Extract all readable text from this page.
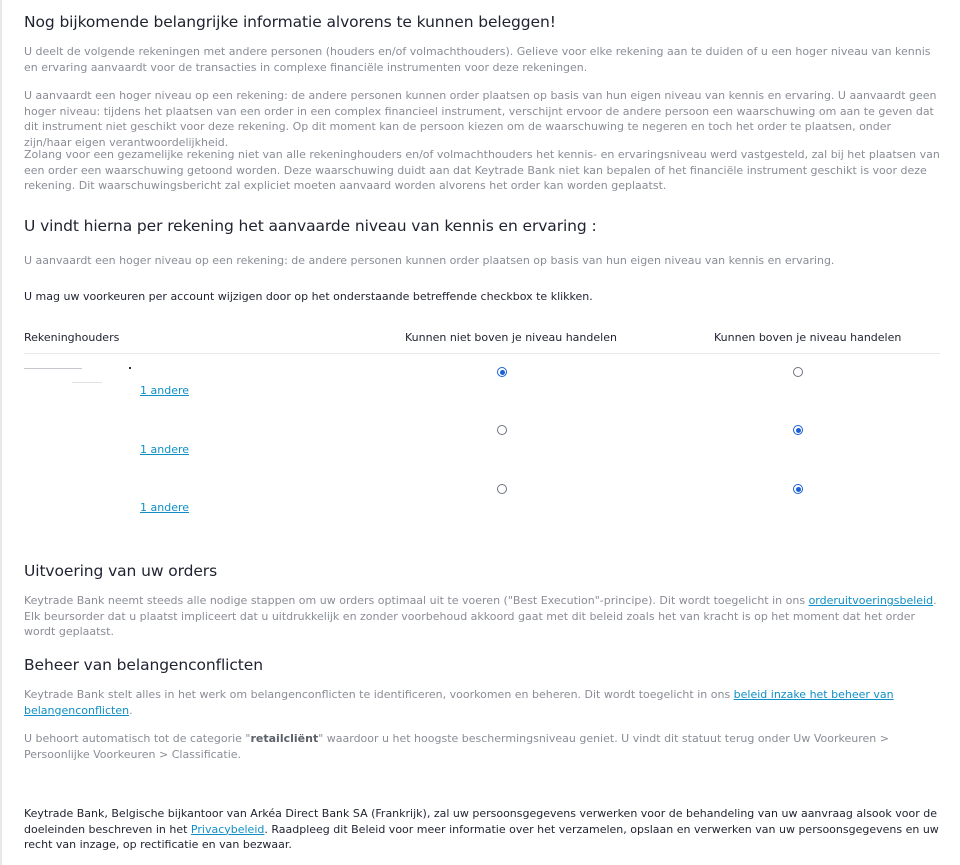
Nog bijkomende belangrijke informatie alvorens te kunnen beleggen!

U deelt de volgende rekeningen met andere personen (houders en/of volmachthouders). Gelieve voor elke rekening aan te duiden of u een hoger niveau van kennis en ervaring aanvaardt voor de transacties in complexe financiële instrumenten voor deze rekeningen.

U aanvaardt een hoger niveau op een rekening: de andere personen kunnen order plaatsen op basis van hun eigen niveau van kennis en ervaring. U aanvaardt geen hoger niveau: tijdens het plaatsen van een order in een complex financieel instrument, verschijnt ervoor de andere persoon een waarschuwing om aan te geven dat dit instrument niet geschikt voor deze rekening. Op dit moment kan de persoon kiezen om de waarschuwing te negeren en toch het order te plaatsen, onder zijn/haar eigen verantwoordelijkheid.

Zolang voor een gezamelijke rekening niet van alle rekeninghouders en/of volmachthouders het kennis- en ervaringsniveau werd vastgesteld, zal bij het plaatsen van een order een waarschuwing getoond worden. Deze waarschuwing duidt aan dat Keytrade Bank niet kan bepalen of het financiële instrument geschikt is voor deze rekening. Dit waarschuwingsbericht zal expliciet moeten aanvaard worden alvorens het order kan worden geplaatst.

U vindt hierna per rekening het aanvaarde niveau van kennis en ervaring :

U aanvaardt een hoger niveau op een rekening: de andere personen kunnen order plaatsen op basis van hun eigen niveau van kennis en ervaring.

U mag uw voorkeuren per account wijzigen door op het onderstaande betreffende checkbox te klikken.

Rekeninghouders	Kunnen niet boven je niveau handelen	Kunnen boven je niveau handelen
1 andere
1 andere
1 andere
Uitvoering van uw orders

Keytrade Bank neemt steeds alle nodige stappen om uw orders optimaal uit te voeren ("Best Execution"-principe). Dit wordt toegelicht in ons orderuitvoeringsbeleid. Elk beursorder dat u plaatst impliceert dat u uitdrukkelijk en zonder voorbehoud akkoord gaat met dit beleid zoals het van kracht is op het moment dat het order wordt geplaatst.

Beheer van belangenconflicten

Keytrade Bank stelt alles in het werk om belangenconflicten te identificeren, voorkomen en beheren. Dit wordt toegelicht in ons beleid inzake het beheer van belangenconflicten.

U behoort automatisch tot de categorie "retailcliënt" waardoor u het hoogste beschermingsniveau geniet. U vindt dit statuut terug onder Uw Voorkeuren > Persoonlijke Voorkeuren > Classificatie.

Keytrade Bank, Belgische bijkantoor van Arkéa Direct Bank SA (Frankrijk), zal uw persoonsgegevens verwerken voor de behandeling van uw aanvraag alsook voor de doeleinden beschreven in het Privacybeleid. Raadpleeg dit Beleid voor meer informatie over het verzamelen, opslaan en verwerken van uw persoonsgegevens en uw recht van inzage, op rectificatie en van bezwaar.
